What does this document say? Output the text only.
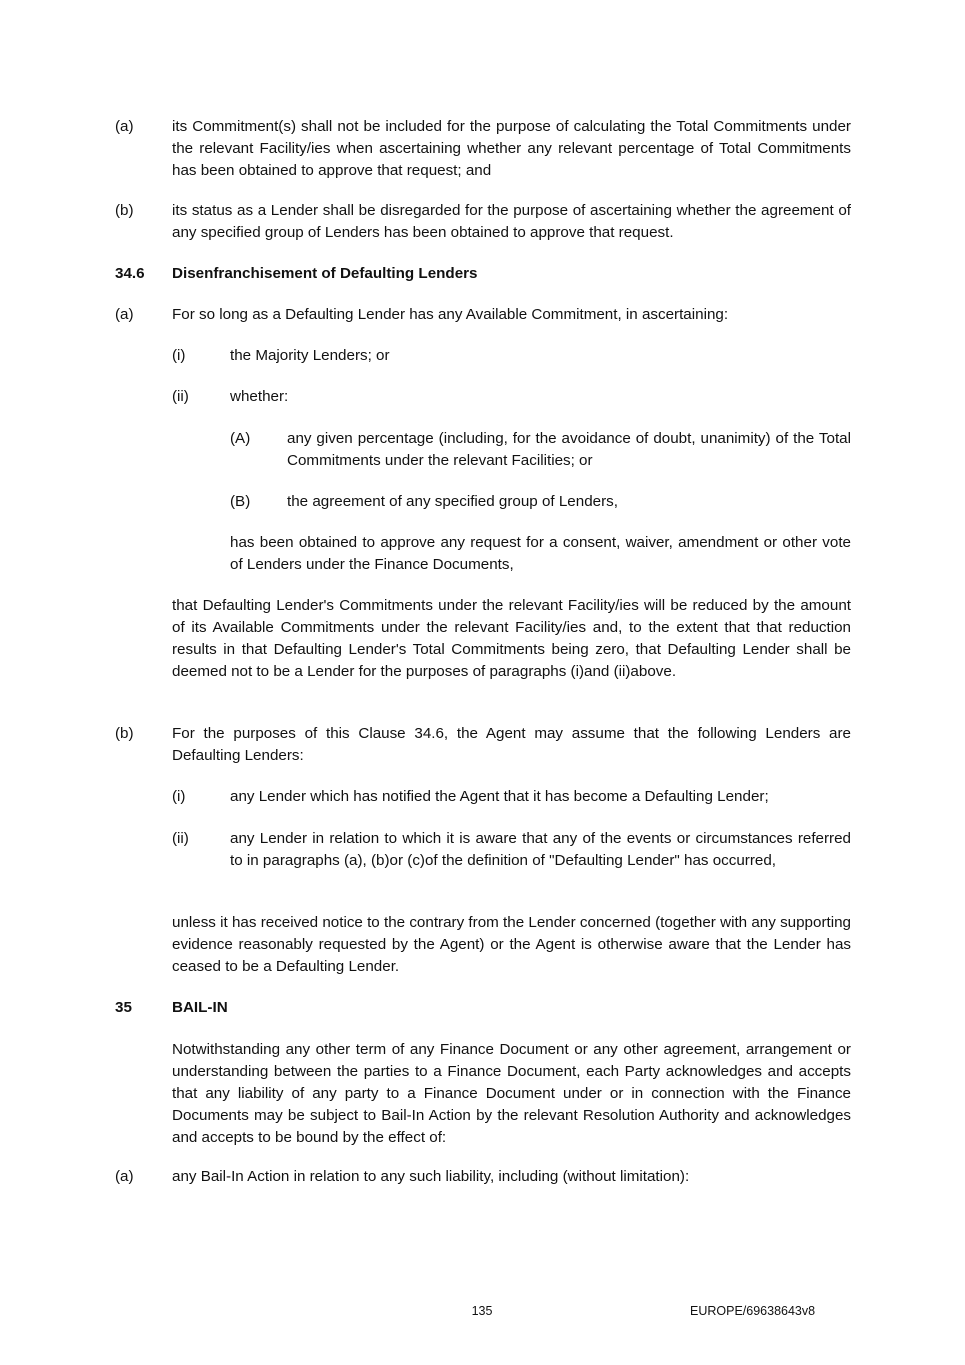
(a)	its Commitment(s) shall not be included for the purpose of calculating the Total Commitments under the relevant Facility/ies when ascertaining whether any relevant percentage of Total Commitments has been obtained to approve that request; and
(b)	its status as a Lender shall be disregarded for the purpose of ascertaining whether the agreement of any specified group of Lenders has been obtained to approve that request.
34.6 Disenfranchisement of Defaulting Lenders
(a)	For so long as a Defaulting Lender has any Available Commitment, in ascertaining:
(i)	the Majority Lenders; or
(ii)	whether:
(A) any given percentage (including, for the avoidance of doubt, unanimity) of the Total Commitments under the relevant Facilities; or
(B) the agreement of any specified group of Lenders,
has been obtained to approve any request for a consent, waiver, amendment or other vote of Lenders under the Finance Documents,
that Defaulting Lender's Commitments under the relevant Facility/ies will be reduced by the amount of its Available Commitments under the relevant Facility/ies and, to the extent that that reduction results in that Defaulting Lender's Total Commitments being zero, that Defaulting Lender shall be deemed not to be a Lender for the purposes of paragraphs (i)and (ii)above.
(b)	For the purposes of this Clause 34.6, the Agent may assume that the following Lenders are Defaulting Lenders:
(i)	any Lender which has notified the Agent that it has become a Defaulting Lender;
(ii)	any Lender in relation to which it is aware that any of the events or circumstances referred to in paragraphs (a), (b)or (c)of the definition of "Defaulting Lender" has occurred,
unless it has received notice to the contrary from the Lender concerned (together with any supporting evidence reasonably requested by the Agent) or the Agent is otherwise aware that the Lender has ceased to be a Defaulting Lender.
35	BAIL-IN
Notwithstanding any other term of any Finance Document or any other agreement, arrangement or understanding between the parties to a Finance Document, each Party acknowledges and accepts that any liability of any party to a Finance Document under or in connection with the Finance Documents may be subject to Bail-In Action by the relevant Resolution Authority and acknowledges and accepts to be bound by the effect of:
(a)	any Bail-In Action in relation to any such liability, including (without limitation):
135	EUROPE/69638643v8
